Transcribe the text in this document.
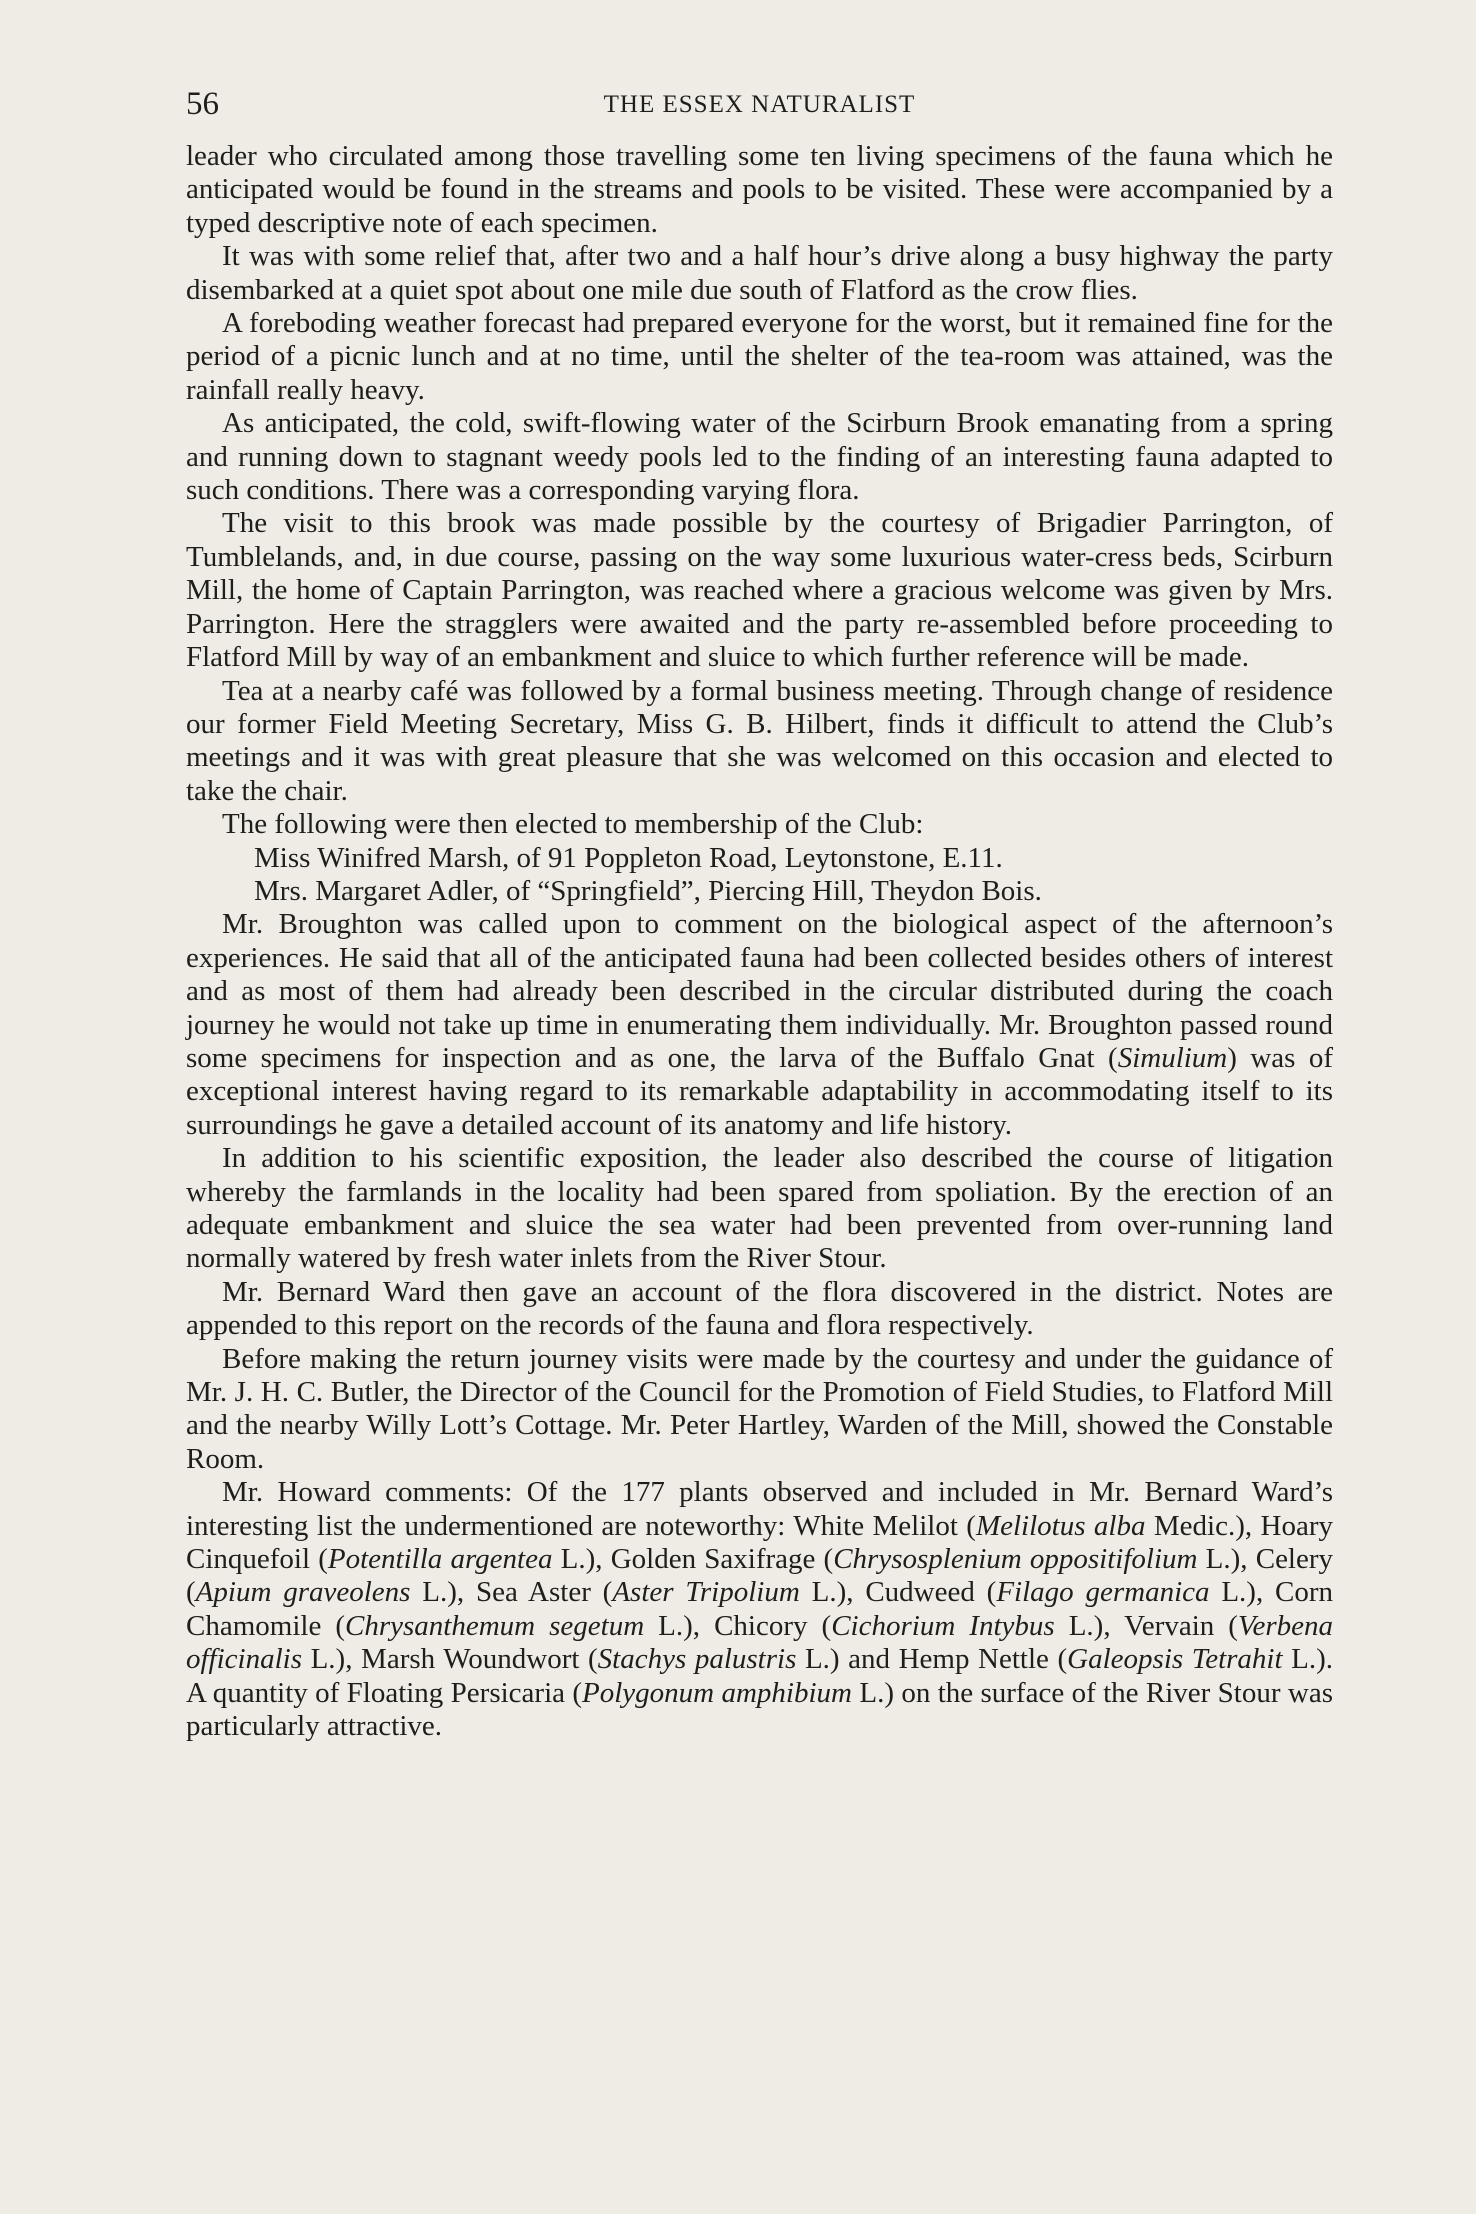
56	THE ESSEX NATURALIST

leader who circulated among those travelling some ten living specimens of the fauna which he anticipated would be found in the streams and pools to be visited. These were accompanied by a typed descriptive note of each specimen.

It was with some relief that, after two and a half hour’s drive along a busy highway the party disembarked at a quiet spot about one mile due south of Flatford as the crow flies.

A foreboding weather forecast had prepared everyone for the worst, but it remained fine for the period of a picnic lunch and at no time, until the shelter of the tea-room was attained, was the rainfall really heavy.

As anticipated, the cold, swift-flowing water of the Scirburn Brook emanating from a spring and running down to stagnant weedy pools led to the finding of an interesting fauna adapted to such conditions. There was a corresponding varying flora.

The visit to this brook was made possible by the courtesy of Brigadier Parrington, of Tumblelands, and, in due course, passing on the way some luxurious water-cress beds, Scirburn Mill, the home of Captain Parrington, was reached where a gracious welcome was given by Mrs. Parrington. Here the stragglers were awaited and the party re-assembled before proceeding to Flatford Mill by way of an embankment and sluice to which further reference will be made.

Tea at a nearby café was followed by a formal business meeting. Through change of residence our former Field Meeting Secretary, Miss G. B. Hilbert, finds it difficult to attend the Club’s meetings and it was with great pleasure that she was welcomed on this occasion and elected to take the chair.

The following were then elected to membership of the Club:

Miss Winifred Marsh, of 91 Poppleton Road, Leytonstone, E.11.

Mrs. Margaret Adler, of “Springfield”, Piercing Hill, Theydon Bois.

Mr. Broughton was called upon to comment on the biological aspect of the afternoon’s experiences. He said that all of the anticipated fauna had been collected besides others of interest and as most of them had already been described in the circular distributed during the coach journey he would not take up time in enumerating them individually. Mr. Broughton passed round some specimens for inspection and as one, the larva of the Buffalo Gnat (Simulium) was of exceptional interest having regard to its remarkable adaptability in accommodating itself to its surroundings he gave a detailed account of its anatomy and life history.

In addition to his scientific exposition, the leader also described the course of litigation whereby the farmlands in the locality had been spared from spoliation. By the erection of an adequate embankment and sluice the sea water had been prevented from over-running land normally watered by fresh water inlets from the River Stour.

Mr. Bernard Ward then gave an account of the flora discovered in the district. Notes are appended to this report on the records of the fauna and flora respectively.

Before making the return journey visits were made by the courtesy and under the guidance of Mr. J. H. C. Butler, the Director of the Council for the Promotion of Field Studies, to Flatford Mill and the nearby Willy Lott’s Cottage. Mr. Peter Hartley, Warden of the Mill, showed the Constable Room.

Mr. Howard comments: Of the 177 plants observed and included in Mr. Bernard Ward’s interesting list the undermentioned are noteworthy: White Melilot (Melilotus alba Medic.), Hoary Cinquefoil (Potentilla argentea L.), Golden Saxifrage (Chrysosplenium oppositifolium L.), Celery (Apium graveolens L.), Sea Aster (Aster Tripolium L.), Cudweed (Filago germanica L.), Corn Chamomile (Chrysanthemum segetum L.), Chicory (Cichorium Intybus L.), Vervain (Verbena officinalis L.), Marsh Woundwort (Stachys palustris L.) and Hemp Nettle (Galeopsis Tetrahit L.). A quantity of Floating Persicaria (Polygonum amphibium L.) on the surface of the River Stour was particularly attractive.
